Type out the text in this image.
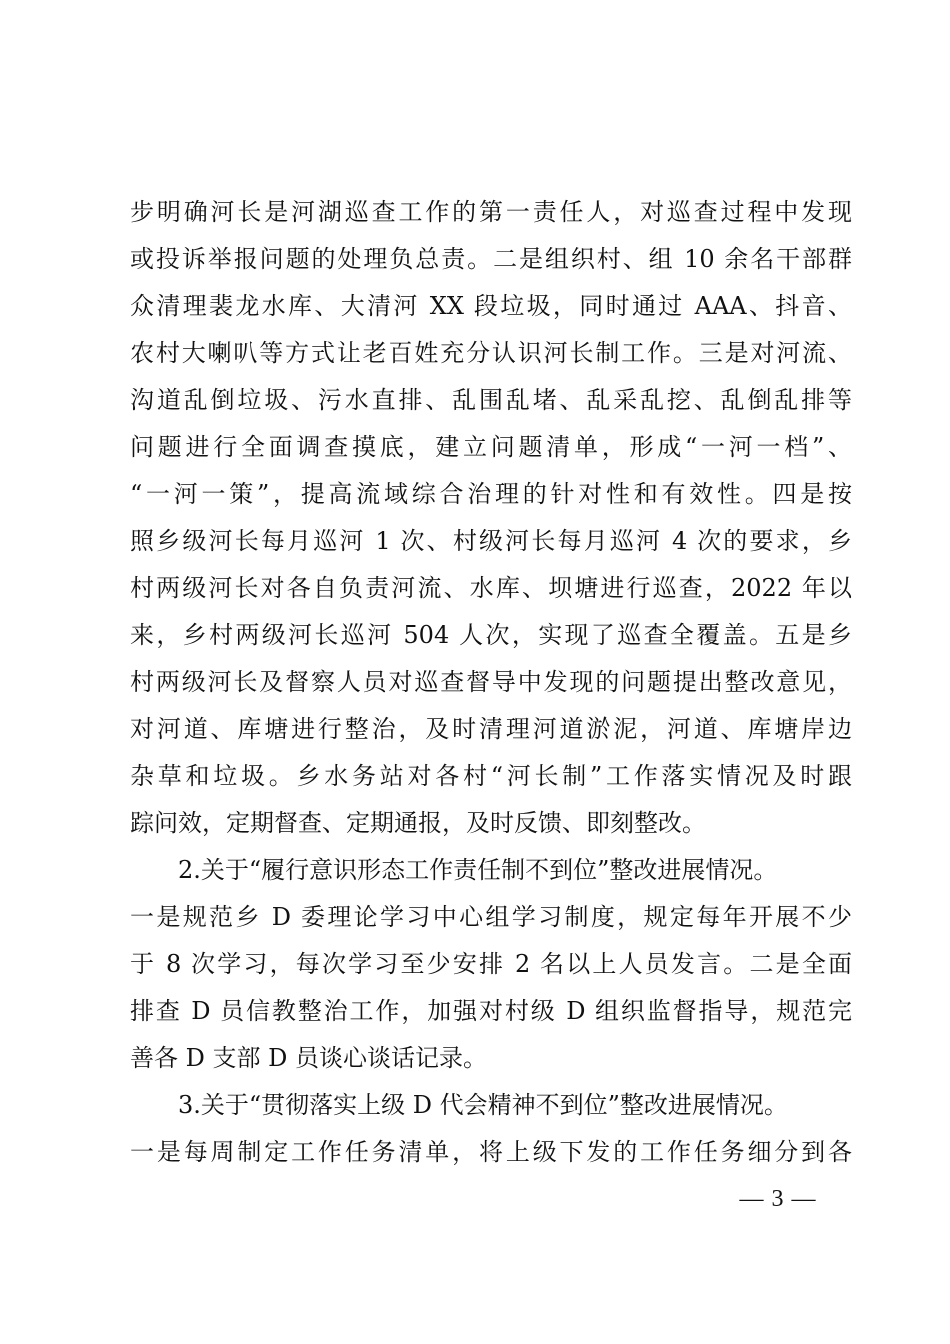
步明确河长是河湖巡查工作的第一责任人，对巡查过程中发现
或投诉举报问题的处理负总责。二是组织村、组 10 余名干部群
众清理裴龙水库、大清河 XX 段垃圾，同时通过 AAA、抖音、
农村大喇叭等方式让老百姓充分认识河长制工作。三是对河流、
沟道乱倒垃圾、污水直排、乱围乱堵、乱采乱挖、乱倒乱排等
问题进行全面调查摸底，建立问题清单，形成“一河一档”、
“一河一策”，提高流域综合治理的针对性和有效性。四是按
照乡级河长每月巡河 1 次、村级河长每月巡河 4 次的要求，乡
村两级河长对各自负责河流、水库、坝塘进行巡查，2022 年以
来，乡村两级河长巡河 504 人次，实现了巡查全覆盖。五是乡
村两级河长及督察人员对巡查督导中发现的问题提出整改意见，
对河道、库塘进行整治，及时清理河道淤泥，河道、库塘岸边
杂草和垃圾。乡水务站对各村“河长制”工作落实情况及时跟
踪问效，定期督查、定期通报，及时反馈、即刻整改。
2.关于“履行意识形态工作责任制不到位”整改进展情况。
一是规范乡 D 委理论学习中心组学习制度，规定每年开展不少
于 8 次学习，每次学习至少安排 2 名以上人员发言。二是全面
排查 D 员信教整治工作，加强对村级 D 组织监督指导，规范完
善各 D 支部 D 员谈心谈话记录。
3.关于“贯彻落实上级 D 代会精神不到位”整改进展情况。
一是每周制定工作任务清单，将上级下发的工作任务细分到各
— 3 —
